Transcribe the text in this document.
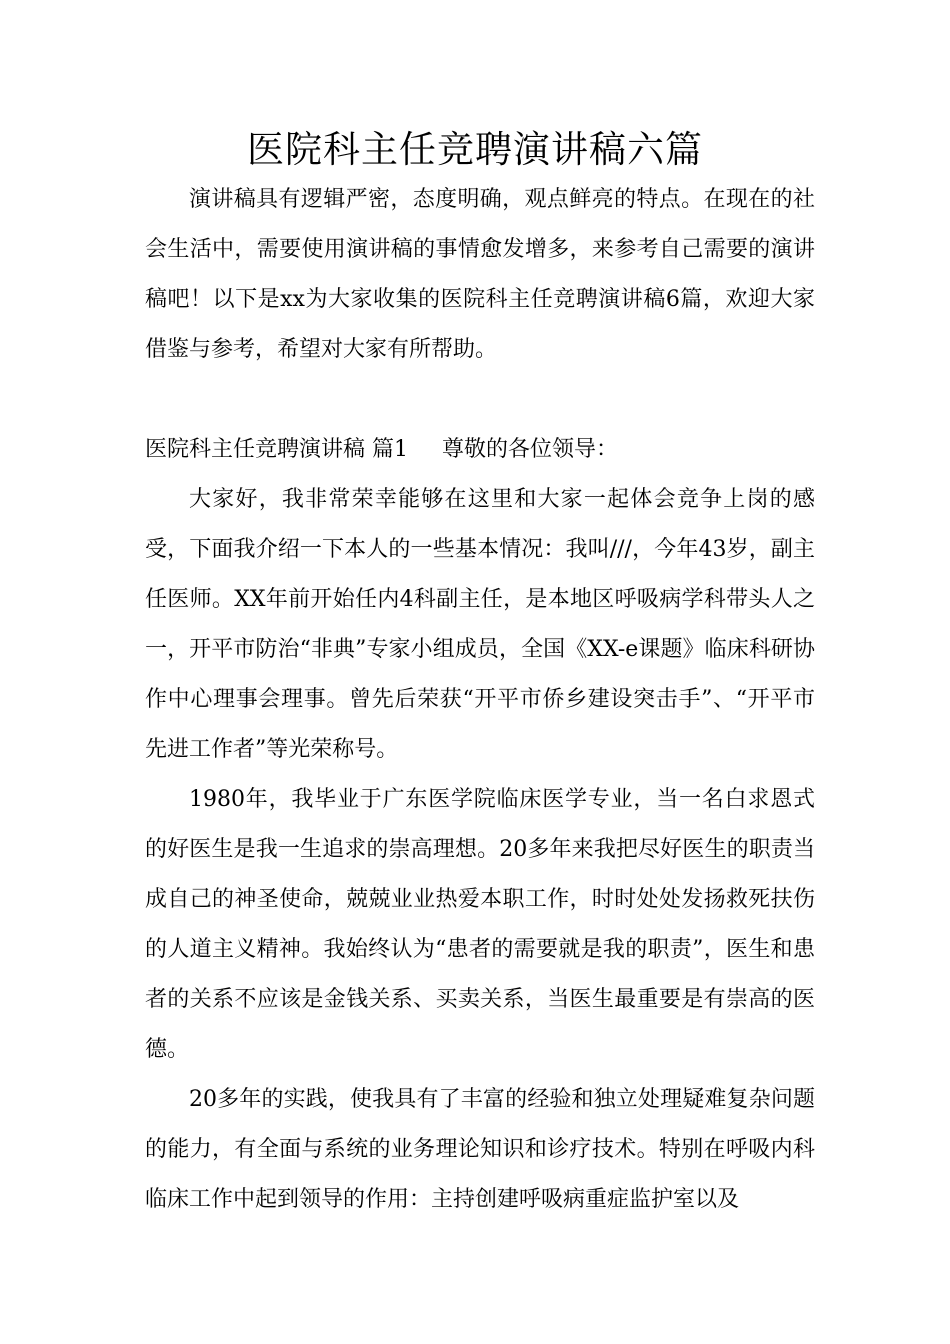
医院科主任竞聘演讲稿六篇

演讲稿具有逻辑严密，态度明确，观点鲜亮的特点。在现在的社会生活中，需要使用演讲稿的事情愈发增多，来参考自己需要的演讲稿吧！以下是xx为大家收集的医院科主任竞聘演讲稿6篇，欢迎大家借鉴与参考，希望对大家有所帮助。

医院科主任竞聘演讲稿 篇1 尊敬的各位领导：

大家好，我非常荣幸能够在这里和大家一起体会竞争上岗的感受，下面我介绍一下本人的一些基本情况：我叫///，今年43岁，副主任医师。XX年前开始任内4科副主任，是本地区呼吸病学科带头人之一，开平市防治“非典”专家小组成员，全国《XX-e课题》临床科研协作中心理事会理事。曾先后荣获“开平市侨乡建设突击手”、“开平市先进工作者”等光荣称号。

1980年，我毕业于广东医学院临床医学专业，当一名白求恩式的好医生是我一生追求的崇高理想。20多年来我把尽好医生的职责当成自己的神圣使命，兢兢业业热爱本职工作，时时处处发扬救死扶伤的人道主义精神。我始终认为“患者的需要就是我的职责”，医生和患者的关系不应该是金钱关系、买卖关系，当医生最重要是有崇高的医德。

20多年的实践，使我具有了丰富的经验和独立处理疑难复杂问题的能力，有全面与系统的业务理论知识和诊疗技术。特别在呼吸内科临床工作中起到领导的作用：主持创建呼吸病重症监护室以及
